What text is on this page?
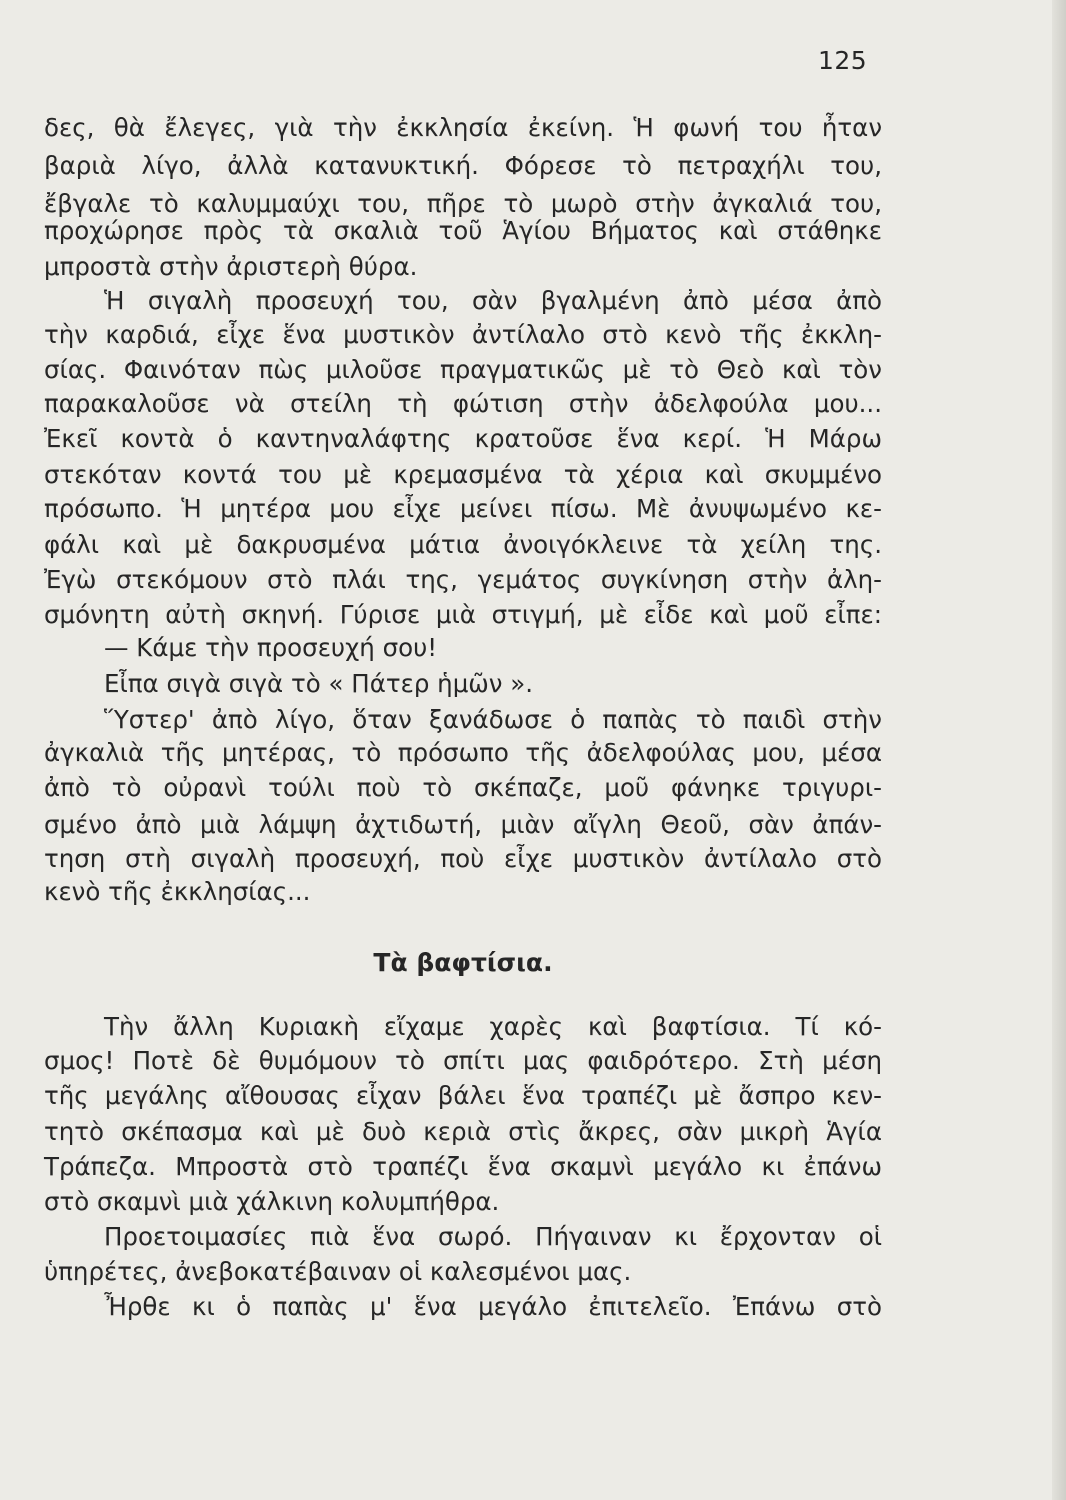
125
δες, θὰ ἔλεγες, γιὰ τὴν ἐκκλησία ἐκείνη. Ἡ φωνή του ἦταν
βαριὰ λίγο, ἀλλὰ κατανυκτική. Φόρεσε τὸ πετραχήλι του,
ἔβγαλε τὸ καλυμμαύχι του, πῆρε τὸ μωρὸ στὴν ἀγκαλιά του,
προχώρησε πρὸς τὰ σκαλιὰ τοῦ Ἁγίου Βήματος καὶ στάθηκε
μπροστὰ στὴν ἀριστερὴ θύρα.
Ἡ σιγαλὴ προσευχή του, σὰν βγαλμένη ἀπὸ μέσα ἀπὸ
τὴν καρδιά, εἶχε ἕνα μυστικὸν ἀντίλαλο στὸ κενὸ τῆς ἐκκλη-
σίας. Φαινόταν πὼς μιλοῦσε πραγματικῶς μὲ τὸ Θεὸ καὶ τὸν
παρακαλοῦσε νὰ στείλη τὴ φώτιση στὴν ἀδελφούλα μου...
Ἐκεῖ κοντὰ ὁ καντηναλάφτης κρατοῦσε ἕνα κερί. Ἡ Μάρω
στεκόταν κοντά του μὲ κρεμασμένα τὰ χέρια καὶ σκυμμένο
πρόσωπο. Ἡ μητέρα μου εἶχε μείνει πίσω. Μὲ ἀνυψωμένο κε-
φάλι καὶ μὲ δακρυσμένα μάτια ἀνοιγόκλεινε τὰ χείλη της.
Ἐγὼ στεκόμουν στὸ πλάι της, γεμάτος συγκίνηση στὴν ἀλη-
σμόνητη αὐτὴ σκηνή. Γύρισε μιὰ στιγμή, μὲ εἶδε καὶ μοῦ εἶπε:
— Κάμε τὴν προσευχή σου!
Εἶπα σιγὰ σιγὰ τὸ « Πάτερ ἡμῶν ».
Ὕστερ' ἀπὸ λίγο, ὅταν ξανάδωσε ὁ παπὰς τὸ παιδὶ στὴν
ἀγκαλιὰ τῆς μητέρας, τὸ πρόσωπο τῆς ἀδελφούλας μου, μέσα
ἀπὸ τὸ οὐρανὶ τούλι ποὺ τὸ σκέπαζε, μοῦ φάνηκε τριγυρι-
σμένο ἀπὸ μιὰ λάμψη ἀχτιδωτή, μιὰν αἴγλη Θεοῦ, σὰν ἀπάν-
τηση στὴ σιγαλὴ προσευχή, ποὺ εἶχε μυστικὸν ἀντίλαλο στὸ
κενὸ τῆς ἐκκλησίας...
Τὰ βαφτίσια.
Τὴν ἄλλη Κυριακὴ εἴχαμε χαρὲς καὶ βαφτίσια. Τί κό-
σμος! Ποτὲ δὲ θυμόμουν τὸ σπίτι μας φαιδρότερο. Στὴ μέση
τῆς μεγάλης αἴθουσας εἶχαν βάλει ἕνα τραπέζι μὲ ἄσπρο κεν-
τητὸ σκέπασμα καὶ μὲ δυὸ κεριὰ στὶς ἄκρες, σὰν μικρὴ Ἁγία
Τράπεζα. Μπροστὰ στὸ τραπέζι ἕνα σκαμνὶ μεγάλο κι ἐπάνω
στὸ σκαμνὶ μιὰ χάλκινη κολυμπήθρα.
Προετοιμασίες πιὰ ἕνα σωρό. Πήγαιναν κι ἔρχονταν οἱ
ὑπηρέτες, ἀνεβοκατέβαιναν οἱ καλεσμένοι μας.
Ἦρθε κι ὁ παπὰς μ' ἕνα μεγάλο ἐπιτελεῖο. Ἐπάνω στὸ
